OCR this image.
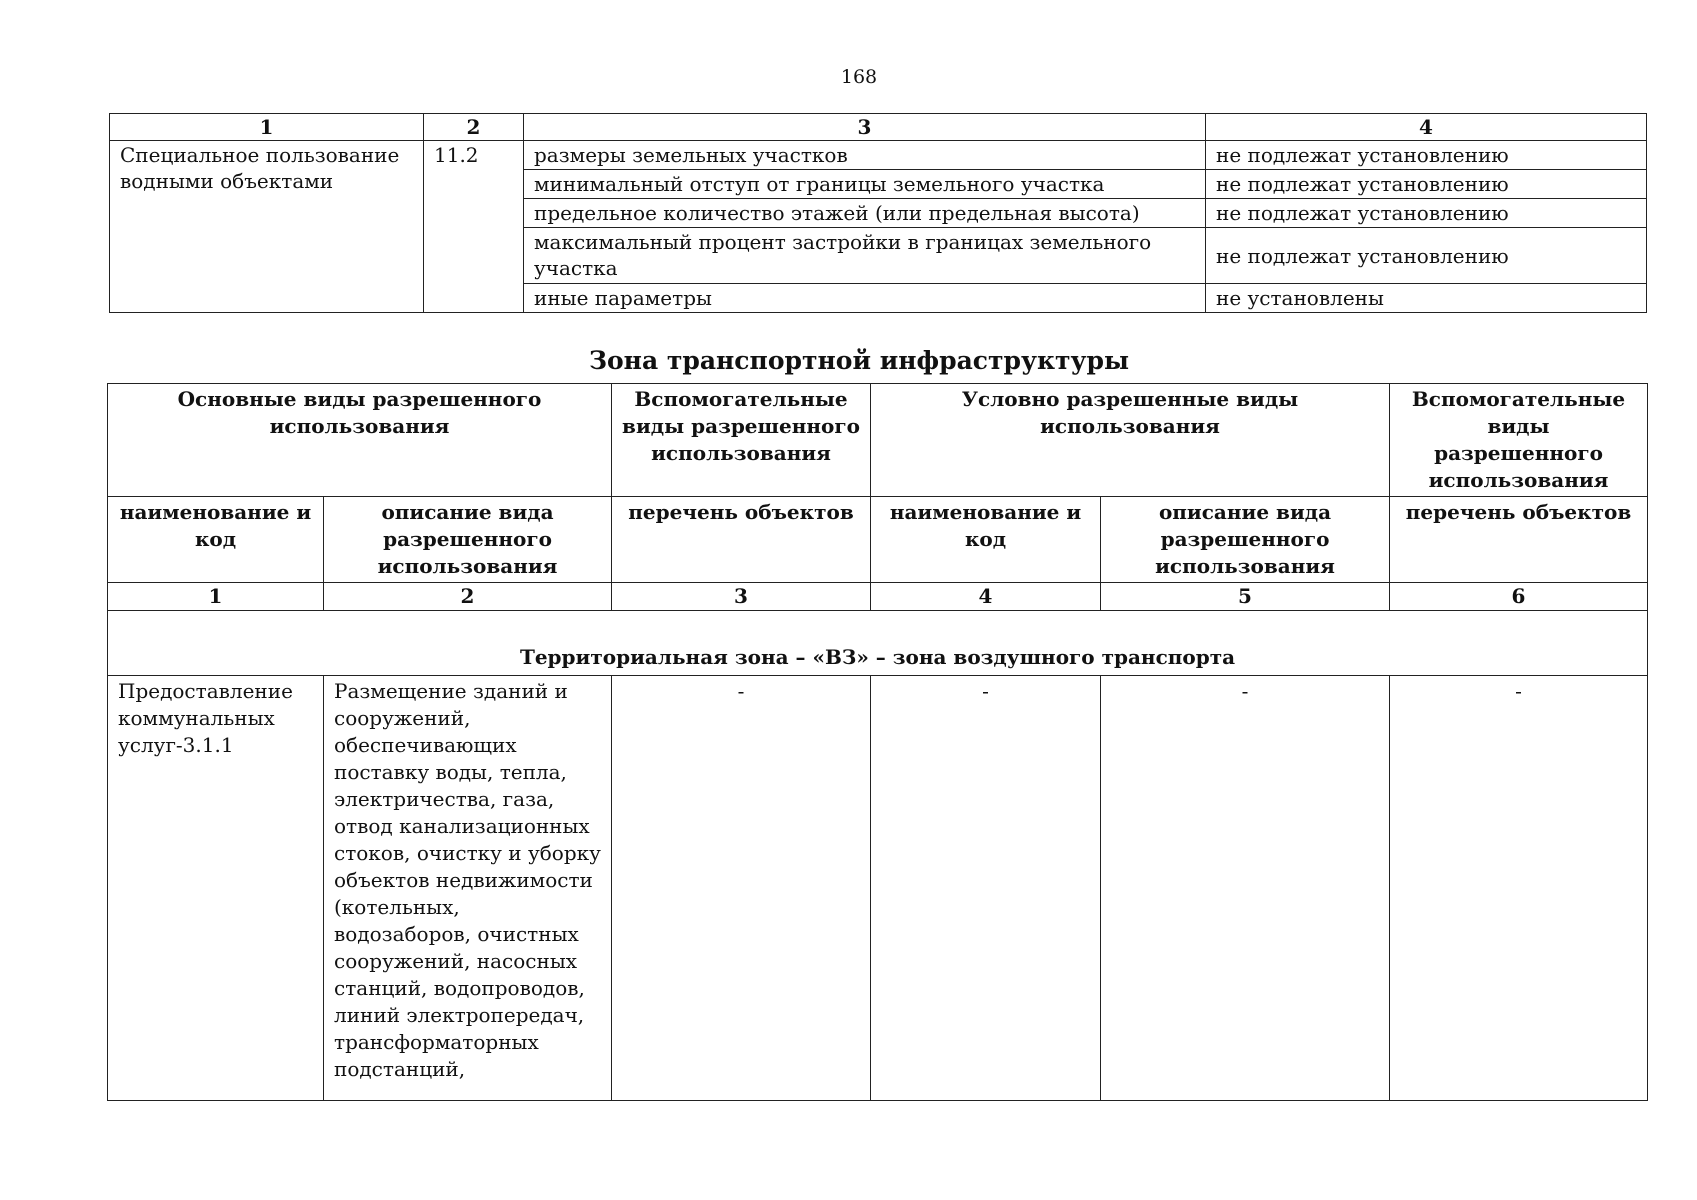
168
1	2	3	4
Специальное пользование водными объектами	11.2	размеры земельных участков	не подлежат установлению
		минимальный отступ от границы земельного участка	не подлежат установлению
		предельное количество этажей (или предельная высота)	не подлежат установлению
		максимальный процент застройки в границах земельного участка	не подлежат установлению
		иные параметры	не установлены
Зона транспортной инфраструктуры
Основные виды разрешенного использования		Вспомогательные виды разрешенного использования	Условно разрешенные виды использования		Вспомогательные виды разрешенного использования
наименование и код	описание вида разрешенного использования	перечень объектов	наименование и код	описание вида разрешенного использования	перечень объектов
1	2	3	4	5	6
Территориальная зона – «ВЗ» – зона воздушного транспорта					
Предоставление коммунальных услуг-3.1.1	Размещение зданий и сооружений, обеспечивающих поставку воды, тепла, электричества, газа, отвод канализационных стоков, очистку и уборку объектов недвижимости (котельных, водозаборов, очистных сооружений, насосных станций, водопроводов, линий электропередач, трансформаторных подстанций,	-	-	-	-
